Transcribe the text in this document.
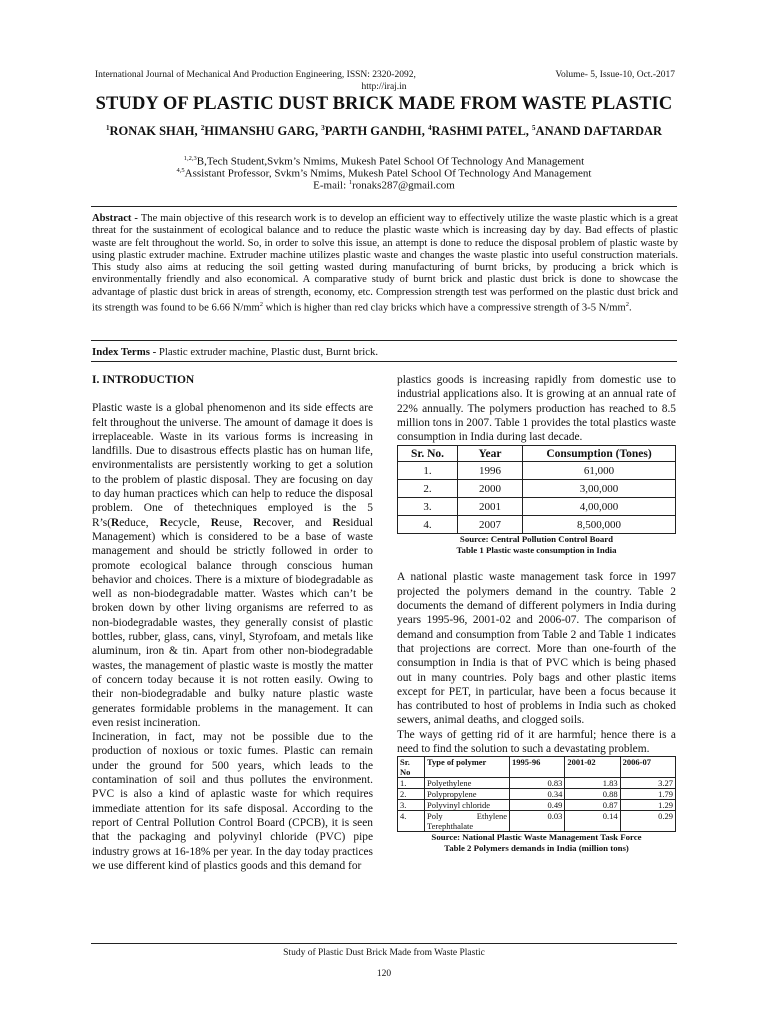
International Journal of Mechanical And Production Engineering, ISSN: 2320-2092,	Volume- 5, Issue-10, Oct.-2017
http://iraj.in
STUDY OF PLASTIC DUST BRICK MADE FROM WASTE PLASTIC
$^1$RONAK SHAH, $^2$HIMANSHU GARG, $^3$PARTH GANDHI, $^4$RASHMI PATEL, $^5$ANAND DAFTARDAR
$^{1,2,3}$B,Tech Student,Svkm’s Nmims, Mukesh Patel School Of Technology And Management
$^{4,5}$Assistant Professor, Svkm’s Nmims, Mukesh Patel School Of Technology And Management
E-mail: $^1$ronaks287@gmail.com
Abstract - The main objective of this research work is to develop an efficient way to effectively utilize the waste plastic which is a great threat for the sustainment of ecological balance and to reduce the plastic waste which is increasing day by day. Bad effects of plastic waste are felt throughout the world. So, in order to solve this issue, an attempt is done to reduce the disposal problem of plastic waste by using plastic extruder machine. Extruder machine utilizes plastic waste and changes the waste plastic into useful construction materials. This study also aims at reducing the soil getting wasted during manufacturing of burnt bricks, by producing a brick which is environmentally friendly and also economical. A comparative study of burnt brick and plastic dust brick is done to showcase the advantage of plastic dust brick in areas of strength, economy, etc. Compression strength test was performed on the plastic dust brick and its strength was found to be 6.66 $N/mm^2$ which is higher than red clay bricks which have a compressive strength of 3-5 $N/mm^2$.
Index Terms - Plastic extruder machine, Plastic dust, Burnt brick.

I. INTRODUCTION

Plastic waste is a global phenomenon and its side effects are felt throughout the universe. The amount of damage it does is irreplaceable. Waste in its various forms is increasing in landfills. Due to disastrous effects plastic has on human life, environmentalists are persistently working to get a solution to the problem of plastic disposal. They are focusing on day to day human practices which can help to reduce the disposal problem. One of thetechniques employed is the 5 R’s(Reduce, Recycle, Reuse, Recover, and Residual Management) which is considered to be a base of waste management and should be strictly followed in order to promote ecological balance through conscious human behavior and choices. There is a mixture of biodegradable as well as non-biodegradable matter. Wastes which can’t be broken down by other living organisms are referred to as non-biodegradable wastes, they generally consist of plastic bottles, rubber, glass, cans, vinyl, Styrofoam, and metals like aluminum, iron & tin. Apart from other non-biodegradable wastes, the management of plastic waste is mostly the matter of concern today because it is not rotten easily. Owing to their non-biodegradable and bulky nature plastic waste generates formidable problems in the management. It can even resist incineration.

Incineration, in fact, may not be possible due to the production of noxious or toxic fumes. Plastic can remain under the ground for 500 years, which leads to the contamination of soil and thus pollutes the environment. PVC is also a kind of aplastic waste for which requires immediate attention for its safe disposal. According to the report of Central Pollution Control Board (CPCB), it is seen that the packaging and polyvinyl chloride (PVC) pipe industry grows at 16-18% per year. In the day today practices we use different kind of plastics goods and this demand for

plastics goods is increasing rapidly from domestic use to industrial applications also. It is growing at an annual rate of 22% annually. The polymers production has reached to 8.5 million tons in 2007. Table 1 provides the total plastics waste consumption in India during last decade.

Sr. No.	Year	Consumption (Tones)
1.	1996	61,000
2.	2000	3,00,000
3.	2001	4,00,000
4.	2007	8,500,000
Source: Central Pollution Control Board
Table 1 Plastic waste consumption in India

A national plastic waste management task force in 1997 projected the polymers demand in the country. Table 2 documents the demand of different polymers in India during years 1995-96, 2001-02 and 2006-07. The comparison of demand and consumption from Table 2 and Table 1 indicates that projections are correct. More than one-fourth of the consumption in India is that of PVC which is being phased out in many countries. Poly bags and other plastic items except for PET, in particular, have been a focus because it has contributed to host of problems in India such as choked sewers, animal deaths, and clogged soils.

The ways of getting rid of it are harmful; hence there is a need to find the solution to such a devastating problem.

Sr. No	Type of polymer	1995-96	2001-02	2006-07
1.	Polyethylene	0.83	1.83	3.27
2.	Polypropylene	0.34	0.88	1.79
3.	Polyvinyl chloride	0.49	0.87	1.29
4.	Poly Ethylene Terephthalate	0.03	0.14	0.29
Source: National Plastic Waste Management Task Force
Table 2 Polymers demands in India (million tons)
Study of Plastic Dust Brick Made from Waste Plastic
120
